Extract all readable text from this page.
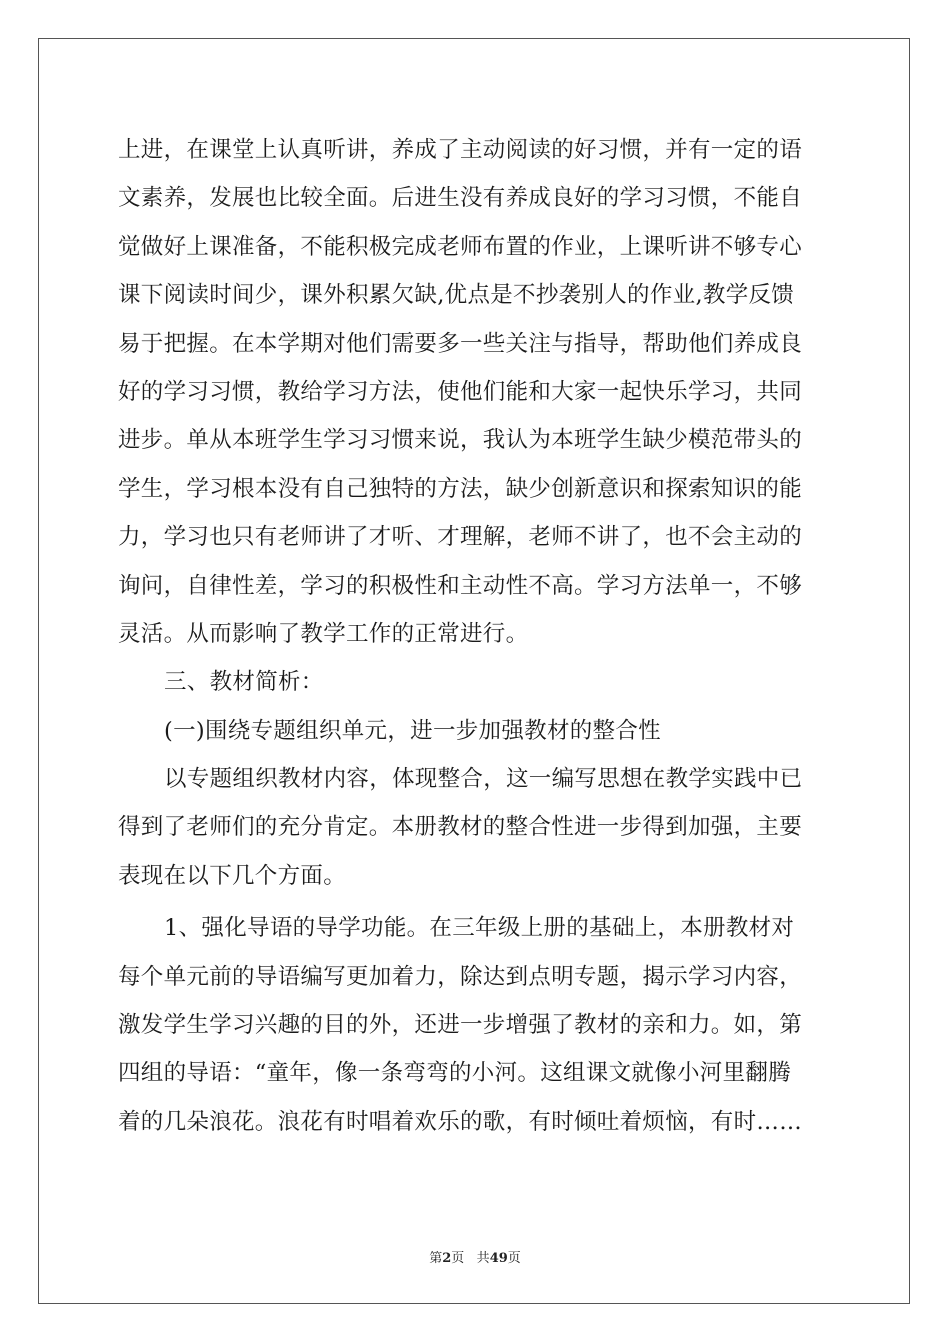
上进，在课堂上认真听讲，养成了主动阅读的好习惯，并有一定的语
文素养，发展也比较全面。后进生没有养成良好的学习习惯，不能自
觉做好上课准备，不能积极完成老师布置的作业，上课听讲不够专心
课下阅读时间少，课外积累欠缺,优点是不抄袭别人的作业,教学反馈
易于把握。在本学期对他们需要多一些关注与指导，帮助他们养成良
好的学习习惯，教给学习方法，使他们能和大家一起快乐学习，共同
进步。单从本班学生学习习惯来说，我认为本班学生缺少模范带头的
学生，学习根本没有自己独特的方法，缺少创新意识和探索知识的能
力，学习也只有老师讲了才听、才理解，老师不讲了，也不会主动的
询问，自律性差，学习的积极性和主动性不高。学习方法单一，不够
灵活。从而影响了教学工作的正常进行。
三、教材简析：
(一)围绕专题组织单元，进一步加强教材的整合性
以专题组织教材内容，体现整合，这一编写思想在教学实践中已
得到了老师们的充分肯定。本册教材的整合性进一步得到加强，主要
表现在以下几个方面。
1、强化导语的导学功能。在三年级上册的基础上，本册教材对
每个单元前的导语编写更加着力，除达到点明专题，揭示学习内容，
激发学生学习兴趣的目的外，还进一步增强了教材的亲和力。如，第
四组的导语：“童年，像一条弯弯的小河。这组课文就像小河里翻腾
着的几朵浪花。浪花有时唱着欢乐的歌，有时倾吐着烦恼，有时……
第2页 共49页
